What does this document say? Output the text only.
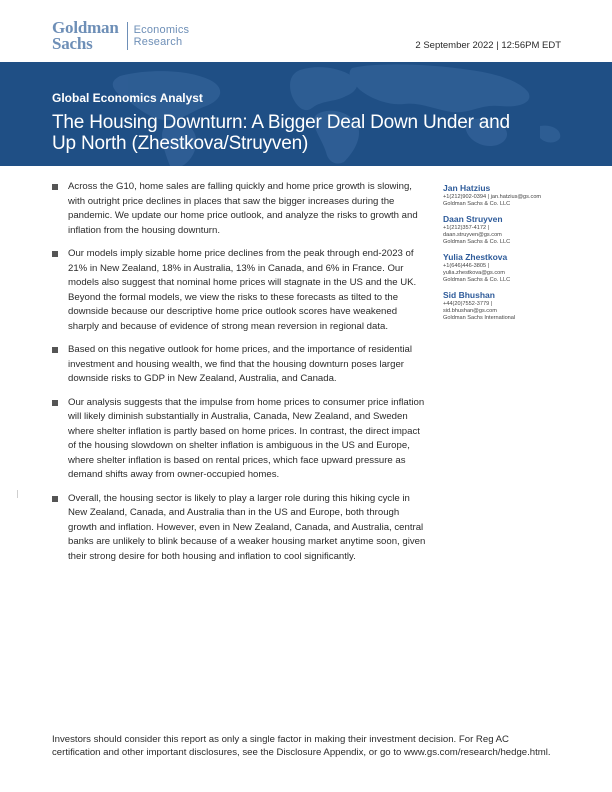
Goldman
Sachs
Economics
Research	2 September 2022 | 12:56PM EDT
Global Economics Analyst
The Housing Downturn: A Bigger Deal Down Under and Up North (Zhestkova/Struyven)
Across the G10, home sales are falling quickly and home price growth is slowing, with outright price declines in places that saw the bigger increases during the pandemic. We update our home price outlook, and analyze the risks to growth and inflation from the housing downturn.
Our models imply sizable home price declines from the peak through end-2023 of 21% in New Zealand, 18% in Australia, 13% in Canada, and 6% in France. Our models also suggest that nominal home prices will stagnate in the US and the UK. Beyond the formal models, we view the risks to these forecasts as tilted to the downside because our descriptive home price outlook scores have weakened sharply and because of evidence of strong mean reversion in regional data.
Based on this negative outlook for home prices, and the importance of residential investment and housing wealth, we find that the housing downturn poses larger downside risks to GDP in New Zealand, Australia, and Canada.
Our analysis suggests that the impulse from home prices to consumer price inflation will likely diminish substantially in Australia, Canada, New Zealand, and Sweden where shelter inflation is partly based on home prices. In contrast, the direct impact of the housing slowdown on shelter inflation is ambiguous in the US and Europe, where shelter inflation is based on rental prices, which face upward pressure as demand shifts away from owner-occupied homes.
Overall, the housing sector is likely to play a larger role during this hiking cycle in New Zealand, Canada, and Australia than in the US and Europe, both through growth and inflation. However, even in New Zealand, Canada, and Australia, central banks are unlikely to blink because of a weaker housing market anytime soon, given their strong desire for both housing and inflation to cool significantly.
Jan Hatzius
+1(212)902-0394 | jan.hatzius@gs.com
Goldman Sachs & Co. LLC
Daan Struyven
+1(212)357-4172 |
daan.struyven@gs.com
Goldman Sachs & Co. LLC
Yulia Zhestkova
+1(646)446-3805 |
yulia.zhestkova@gs.com
Goldman Sachs & Co. LLC
Sid Bhushan
+44(20)7552-3779 |
sid.bhushan@gs.com
Goldman Sachs International
Investors should consider this report as only a single factor in making their investment decision. For Reg AC certification and other important disclosures, see the Disclosure Appendix, or go to www.gs.com/research/hedge.html.
